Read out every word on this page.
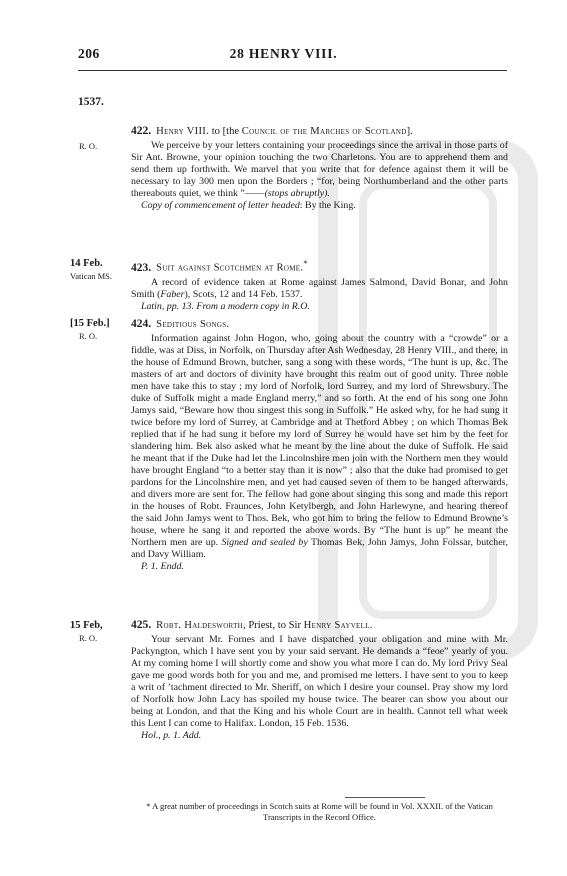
206	28 HENRY VIII.
1537.
R. O.
422. Henry VIII. to [the Council of the Marches of Scotland].
We perceive by your letters containing your proceedings since the arrival in those parts of Sir Ant. Browne, your opinion touching the two Charletons. You are to apprehend them and send them up forthwith. We marvel that you write that for defence against them it will be necessary to lay 300 men upon the Borders ; “for, being Northumberland and the other parts thereabouts quiet, we think ”——(stops abruptly).
Copy of commencement of letter headed: By the King.
14 Feb.
Vatican MS.
423. Suit against Scotchmen at Rome.*
A record of evidence taken at Rome against James Salmond, David Bonar, and John Smith (Faber), Scots, 12 and 14 Feb. 1537.
Latin, pp. 13. From a modern copy in R.O.
[15 Feb.]
R. O.
424. Seditious Songs.
Information against John Hogon, who, going about the country with a “crowde” or a fiddle, was at Diss, in Norfolk, on Thursday after Ash Wednesday, 28 Henry VIII., and there, in the house of Edmund Brown, butcher, sang a song with these words, “The hunt is up, &c. The masters of art and doctors of divinity have brought this realm out of good unity. Three noble men have take this to stay ; my lord of Norfolk, lord Surrey, and my lord of Shrewsbury. The duke of Suffolk might a made England merry,” and so forth. At the end of his song one John Jamys said, “Beware how thou singest this song in Suffolk.” He asked why, for he had sung it twice before my lord of Surrey, at Cambridge and at Thetford Abbey ; on which Thomas Bek replied that if he had sung it before my lord of Surrey he would have set him by the feet for slandering him. Bek also asked what he meant by the line about the duke of Suffolk. He said he meant that if the Duke had let the Lincolnshire men join with the Northern men they would have brought England “to a better stay than it is now” ; also that the duke had promised to get pardons for the Lincolnshire men, and yet had caused seven of them to be hanged afterwards, and divers more are sent for. The fellow had gone about singing this song and made this report in the houses of Robt. Fraunces, John Ketylbergh, and John Harlewyne, and hearing thereof the said John Jamys went to Thos. Bek, who got him to bring the fellow to Edmund Browne’s house, where he sang it and reported the above words. By “The hunt is up” he meant the Northern men are up. Signed and sealed by Thomas Bek, John Jamys, John Folssar, butcher, and Davy William.
P. 1. Endd.
15 Feb,
R. O.
425. Robt. Haldesworth, Priest, to Sir Henry Sayvell.
Your servant Mr. Fornes and I have dispatched your obligation and mine with Mr. Packyngton, which I have sent you by your said servant. He demands a “feoe” yearly of you. At my coming home I will shortly come and show you what more I can do. My lord Privy Seal gave me good words both for you and me, and promised me letters. I have sent to you to keep a writ of ’tachment directed to Mr. Sheriff, on which I desire your counsel. Pray show my lord of Norfolk how John Lacy has spoiled my house twice. The bearer can show you about our being at London, and that the King and his whole Court are in health. Cannot tell what week this Lent I can come to Halifax. London, 15 Feb. 1536.
Hol., p. 1. Add.
* A great number of proceedings in Scotch suits at Rome will be found in Vol. XXXII. of the Vatican Transcripts in the Record Office.
